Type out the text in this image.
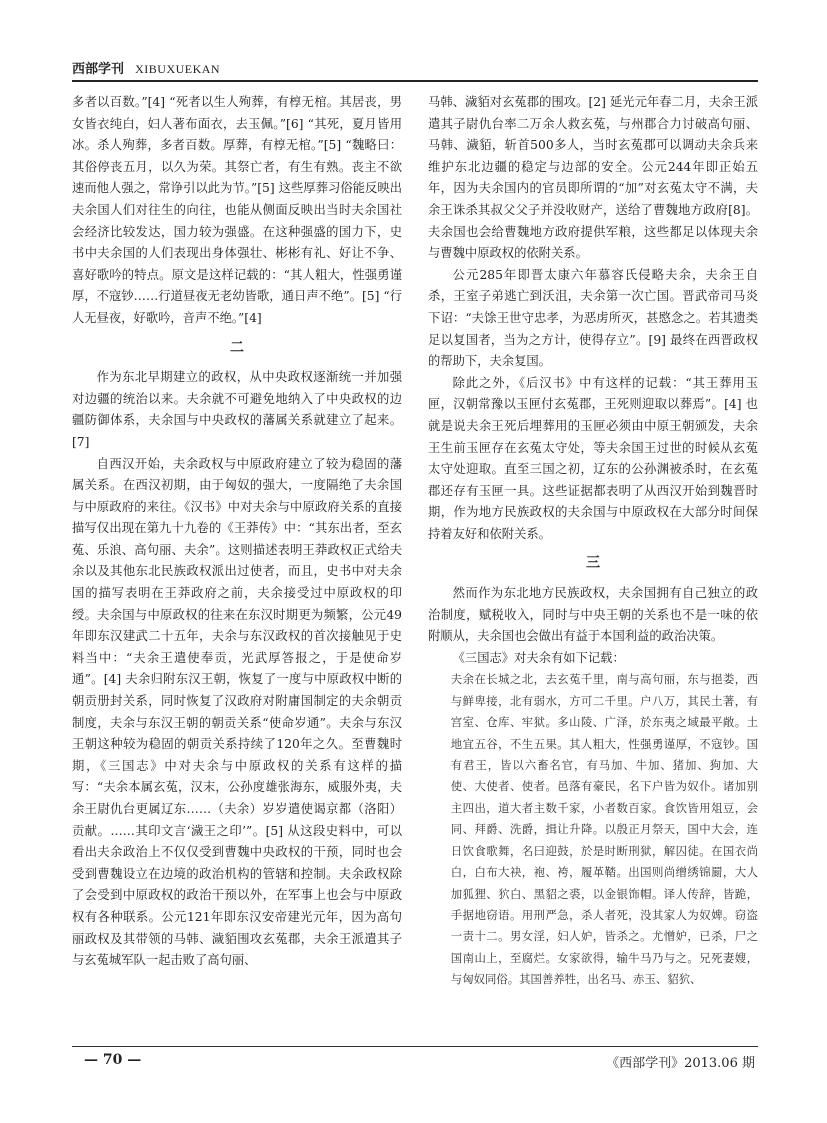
西部学刊 XIBUXUEKAN

多者以百数。”[4] “死者以生人殉葬，有椁无棺。其居丧，男女皆衣纯白，妇人著布面衣，去玉佩。”[6] “其死，夏月皆用冰。杀人殉葬，多者百数。厚葬，有椁无棺。”[5] “魏略曰：其俗停丧五月，以久为荣。其祭亡者，有生有熟。丧主不欲速而他人强之，常诤引以此为节。”[5] 这些厚葬习俗能反映出夫余国人们对往生的向往，也能从侧面反映出当时夫余国社会经济比较发达，国力较为强盛。在这种强盛的国力下，史书中夫余国的人们表现出身体强壮、彬彬有礼、好让不争、喜好歌吟的特点。原文是这样记载的：“其人粗大，性强勇谨厚，不寇钞……行道昼夜无老幼皆歌，通日声不绝”。[5] “行人无昼夜，好歌吟，音声不绝。”[4]

二

作为东北早期建立的政权，从中央政权逐渐统一并加强对边疆的统治以来。夫余就不可避免地纳入了中央政权的边疆防御体系，夫余国与中央政权的藩属关系就建立了起来。[7]

自西汉开始，夫余政权与中原政府建立了较为稳固的藩属关系。在西汉初期，由于匈奴的强大，一度隔绝了夫余国与中原政府的来往。《汉书》中对夫余与中原政府关系的直接描写仅出现在第九十九卷的《王莽传》中：“其东出者，至玄菟、乐浪、高句丽、夫余”。这则描述表明王莽政权正式给夫余以及其他东北民族政权派出过使者，而且，史书中对夫余国的描写表明在王莽政府之前，夫余接受过中原政权的印绶。夫余国与中原政权的往来在东汉时期更为频繁，公元49年即东汉建武二十五年，夫余与东汉政权的首次接触见于史料当中：“夫余王遣使奉贡，光武厚答报之，于是使命岁通”。[4] 夫余归附东汉王朝，恢复了一度与中原政权中断的朝贡册封关系，同时恢复了汉政府对附庸国制定的夫余朝贡制度，夫余与东汉王朝的朝贡关系“使命岁通”。夫余与东汉王朝这种较为稳固的朝贡关系持续了120年之久。至曹魏时期，《三国志》中对夫余与中原政权的关系有这样的描写：“夫余本属玄菟，汉末，公孙度雄张海东，威服外夷，夫余王尉仇台更属辽东……（夫余）岁岁遣使谒京都（洛阳）贡献。……其印文言‘濊王之印’”。[5] 从这段史料中，可以看出夫余政治上不仅仅受到曹魏中央政权的干预，同时也会受到曹魏设立在边境的政治机构的管辖和控制。夫余政权除了会受到中原政权的政治干预以外，在军事上也会与中原政权有各种联系。公元121年即东汉安帝建光元年，因为高句丽政权及其带领的马韩、濊貊围攻玄菟郡，夫余王派遣其子与玄菟城军队一起击败了高句丽、

马韩、濊貊对玄菟郡的围攻。[2] 延光元年春二月，夫余王派遣其子尉仇台率二万余人救玄菟，与州郡合力讨破高句丽、马韩、濊貊，斩首500多人，当时玄菟郡可以调动夫余兵来维护东北边疆的稳定与边部的安全。公元244年即正始五年，因为夫余国内的官员即所谓的“加”对玄菟太守不满，夫余王诛杀其叔父父子并没收财产，送给了曹魏地方政府[8]。夫余国也会给曹魏地方政府提供军粮，这些都足以体现夫余与曹魏中原政权的依附关系。

公元285年即晋太康六年慕容氏侵略夫余，夫余王自杀，王室子弟逃亡到沃沮，夫余第一次亡国。晋武帝司马炎下诏：“夫馀王世守忠孝，为恶虏所灭，甚愍念之。若其遗类足以复国者，当为之方计，使得存立”。[9] 最终在西晋政权的帮助下，夫余复国。

除此之外，《后汉书》中有这样的记载：“其王葬用玉匣，汉朝常豫以玉匣付玄菟郡，王死则迎取以葬焉”。[4] 也就是说夫余王死后埋葬用的玉匣必须由中原王朝颁发，夫余王生前玉匣存在玄菟太守处，等夫余国王过世的时候从玄菟太守处迎取。直至三国之初，辽东的公孙渊被杀时，在玄菟郡还存有玉匣一具。这些证据都表明了从西汉开始到魏晋时期，作为地方民族政权的夫余国与中原政权在大部分时间保持着友好和依附关系。

三

然而作为东北地方民族政权，夫余国拥有自己独立的政治制度，赋税收入，同时与中央王朝的关系也不是一味的依附顺从，夫余国也会做出有益于本国利益的政治决策。

《三国志》对夫余有如下记载：

夫余在长城之北，去玄菟千里，南与高句丽，东与挹娄，西与鲜卑接，北有弱水，方可二千里。户八万，其民土著，有宫室、仓库、牢狱。多山陵、广泽，於东夷之域最平敞。土地宜五谷，不生五果。其人粗大，性强勇谨厚，不寇钞。国有君王，皆以六畜名官，有马加、牛加、猪加、狗加、大使、大使者、使者。邑落有豪民，名下户皆为奴仆。诸加别主四出，道大者主数千家，小者数百家。食饮皆用俎豆，会同、拜爵、洗爵，揖让升降。以殷正月祭天，国中大会，连日饮食歌舞，名曰迎鼓，於是时断刑狱，解囚徒。在国衣尚白，白布大袂，袍、袴，履革鞜。出国则尚缯绣锦罽，大人加狐狸、狖白、黑貂之裘，以金银饰帽。译人传辞，皆跪，手据地窃语。用刑严急，杀人者死，没其家人为奴婢。窃盗一责十二。男女淫，妇人妒，皆杀之。尤憎妒，已杀，尸之国南山上，至腐烂。女家欲得，输牛马乃与之。兄死妻嫂，与匈奴同俗。其国善养牲，出名马、赤玉、貂狖、
— 70 —	《西部学刊》2013.06 期
